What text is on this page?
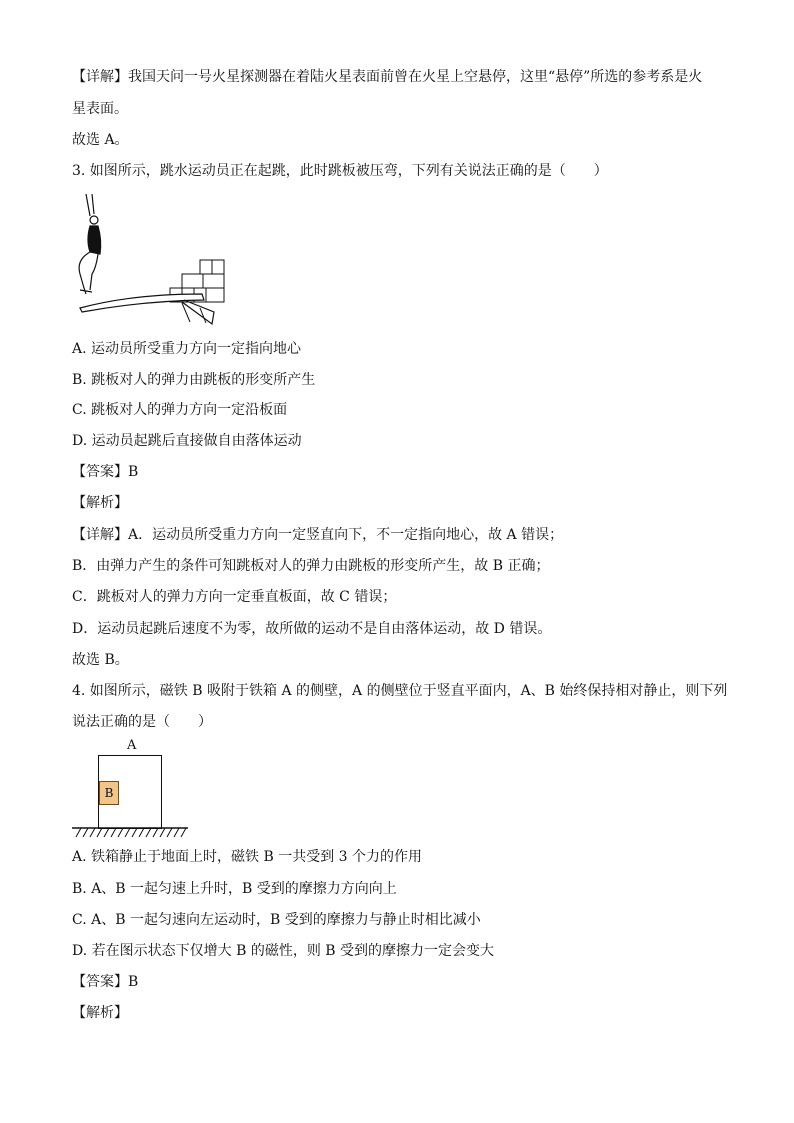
【详解】我国天问一号火星探测器在着陆火星表面前曾在火星上空悬停，这里“悬停”所选的参考系是火
星表面。
故选 A。
3. 如图所示，跳水运动员正在起跳，此时跳板被压弯，下列有关说法正确的是（　　）
A. 运动员所受重力方向一定指向地心
B. 跳板对人的弹力由跳板的形变所产生
C. 跳板对人的弹力方向一定沿板面
D. 运动员起跳后直接做自由落体运动
【答案】B
【解析】
【详解】A．运动员所受重力方向一定竖直向下，不一定指向地心，故 A 错误；
B．由弹力产生的条件可知跳板对人的弹力由跳板的形变所产生，故 B 正确；
C．跳板对人的弹力方向一定垂直板面，故 C 错误；
D．运动员起跳后速度不为零，故所做的运动不是自由落体运动，故 D 错误。
故选 B。
4. 如图所示，磁铁 B 吸附于铁箱 A 的侧壁，A 的侧壁位于竖直平面内，A、B 始终保持相对静止，则下列
说法正确的是（　　）
A
B
A. 铁箱静止于地面上时，磁铁 B 一共受到 3 个力的作用
B. A、B 一起匀速上升时，B 受到的摩擦力方向向上
C. A、B 一起匀速向左运动时，B 受到的摩擦力与静止时相比减小
D. 若在图示状态下仅增大 B 的磁性，则 B 受到的摩擦力一定会变大
【答案】B
【解析】
